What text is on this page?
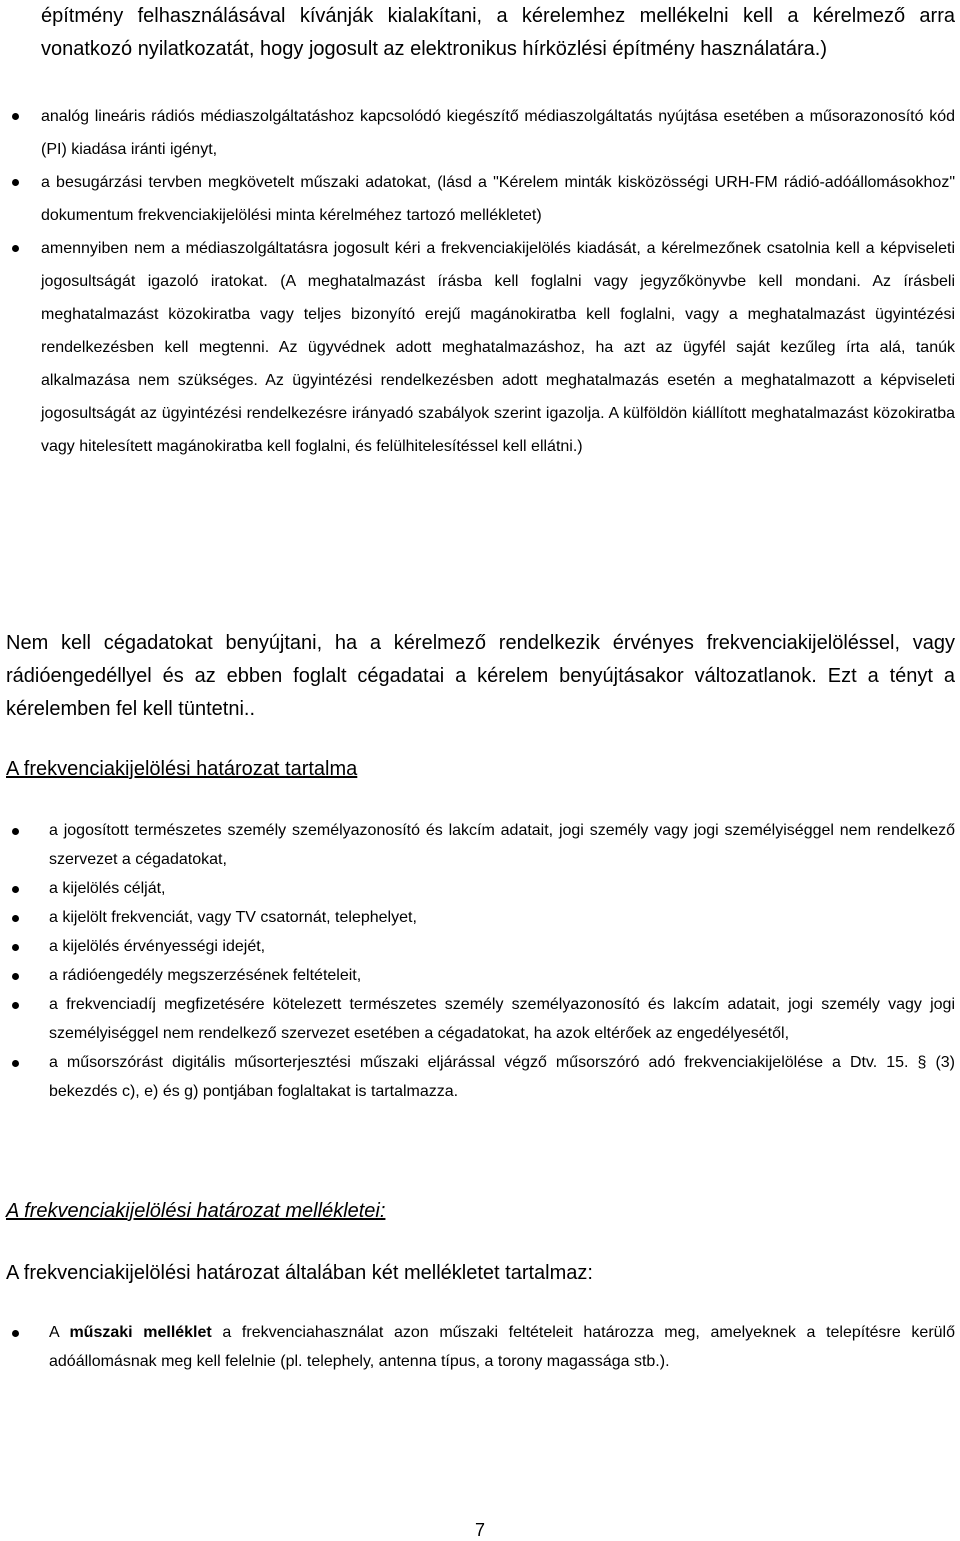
építmény felhasználásával kívánják kialakítani, a kérelemhez mellékelni kell a kérelmező arra vonatkozó nyilatkozatát, hogy jogosult az elektronikus hírközlési építmény használatára.)

analóg lineáris rádiós médiaszolgáltatáshoz kapcsolódó kiegészítő médiaszolgáltatás nyújtása esetében a műsorazonosító kód (PI) kiadása iránti igényt,
a besugárzási tervben megkövetelt műszaki adatokat, (lásd a "Kérelem minták kisközösségi URH-FM rádió-adóállomásokhoz" dokumentum frekvenciakijelölési minta kérelméhez tartozó mellékletet)
amennyiben nem a médiaszolgáltatásra jogosult kéri a frekvenciakijelölés kiadását, a kérelmezőnek csatolnia kell a képviseleti jogosultságát igazoló iratokat. (A meghatalmazást írásba kell foglalni vagy jegyzőkönyvbe kell mondani. Az írásbeli meghatalmazást közokiratba vagy teljes bizonyító erejű magánokiratba kell foglalni, vagy a meghatalmazást ügyintézési rendelkezésben kell megtenni. Az ügyvédnek adott meghatalmazáshoz, ha azt az ügyfél saját kezűleg írta alá, tanúk alkalmazása nem szükséges. Az ügyintézési rendelkezésben adott meghatalmazás esetén a meghatalmazott a képviseleti jogosultságát az ügyintézési rendelkezésre irányadó szabályok szerint igazolja. A külföldön kiállított meghatalmazást közokiratba vagy hitelesített magánokiratba kell foglalni, és felülhitelesítéssel kell ellátni.)

Nem kell cégadatokat benyújtani, ha a kérelmező rendelkezik érvényes frekvenciakijelöléssel, vagy rádióengedéllyel és az ebben foglalt cégadatai a kérelem benyújtásakor változatlanok. Ezt a tényt a kérelemben fel kell tüntetni..

A frekvenciakijelölési határozat tartalma
a jogosított természetes személy személyazonosító és lakcím adatait, jogi személy vagy jogi személyiséggel nem rendelkező szervezet a cégadatokat,
a kijelölés célját,
a kijelölt frekvenciát, vagy TV csatornát, telephelyet,
a kijelölés érvényességi idejét,
a rádióengedély megszerzésének feltételeit,
a frekvenciadíj megfizetésére kötelezett természetes személy személyazonosító és lakcím adatait, jogi személy vagy jogi személyiséggel nem rendelkező szervezet esetében a cégadatokat, ha azok eltérőek az engedélyesétől,
a műsorszórást digitális műsorterjesztési műszaki eljárással végző műsorszóró adó frekvenciakijelölése a Dtv. 15. § (3) bekezdés c), e) és g) pontjában foglaltakat is tartalmazza.
A frekvenciakijelölési határozat mellékletei:

A frekvenciakijelölési határozat általában két mellékletet tartalmaz:

A műszaki melléklet a frekvenciahasználat azon műszaki feltételeit határozza meg, amelyeknek a telepítésre kerülő adóállomásnak meg kell felelnie (pl. telephely, antenna típus, a torony magassága stb.).
7
